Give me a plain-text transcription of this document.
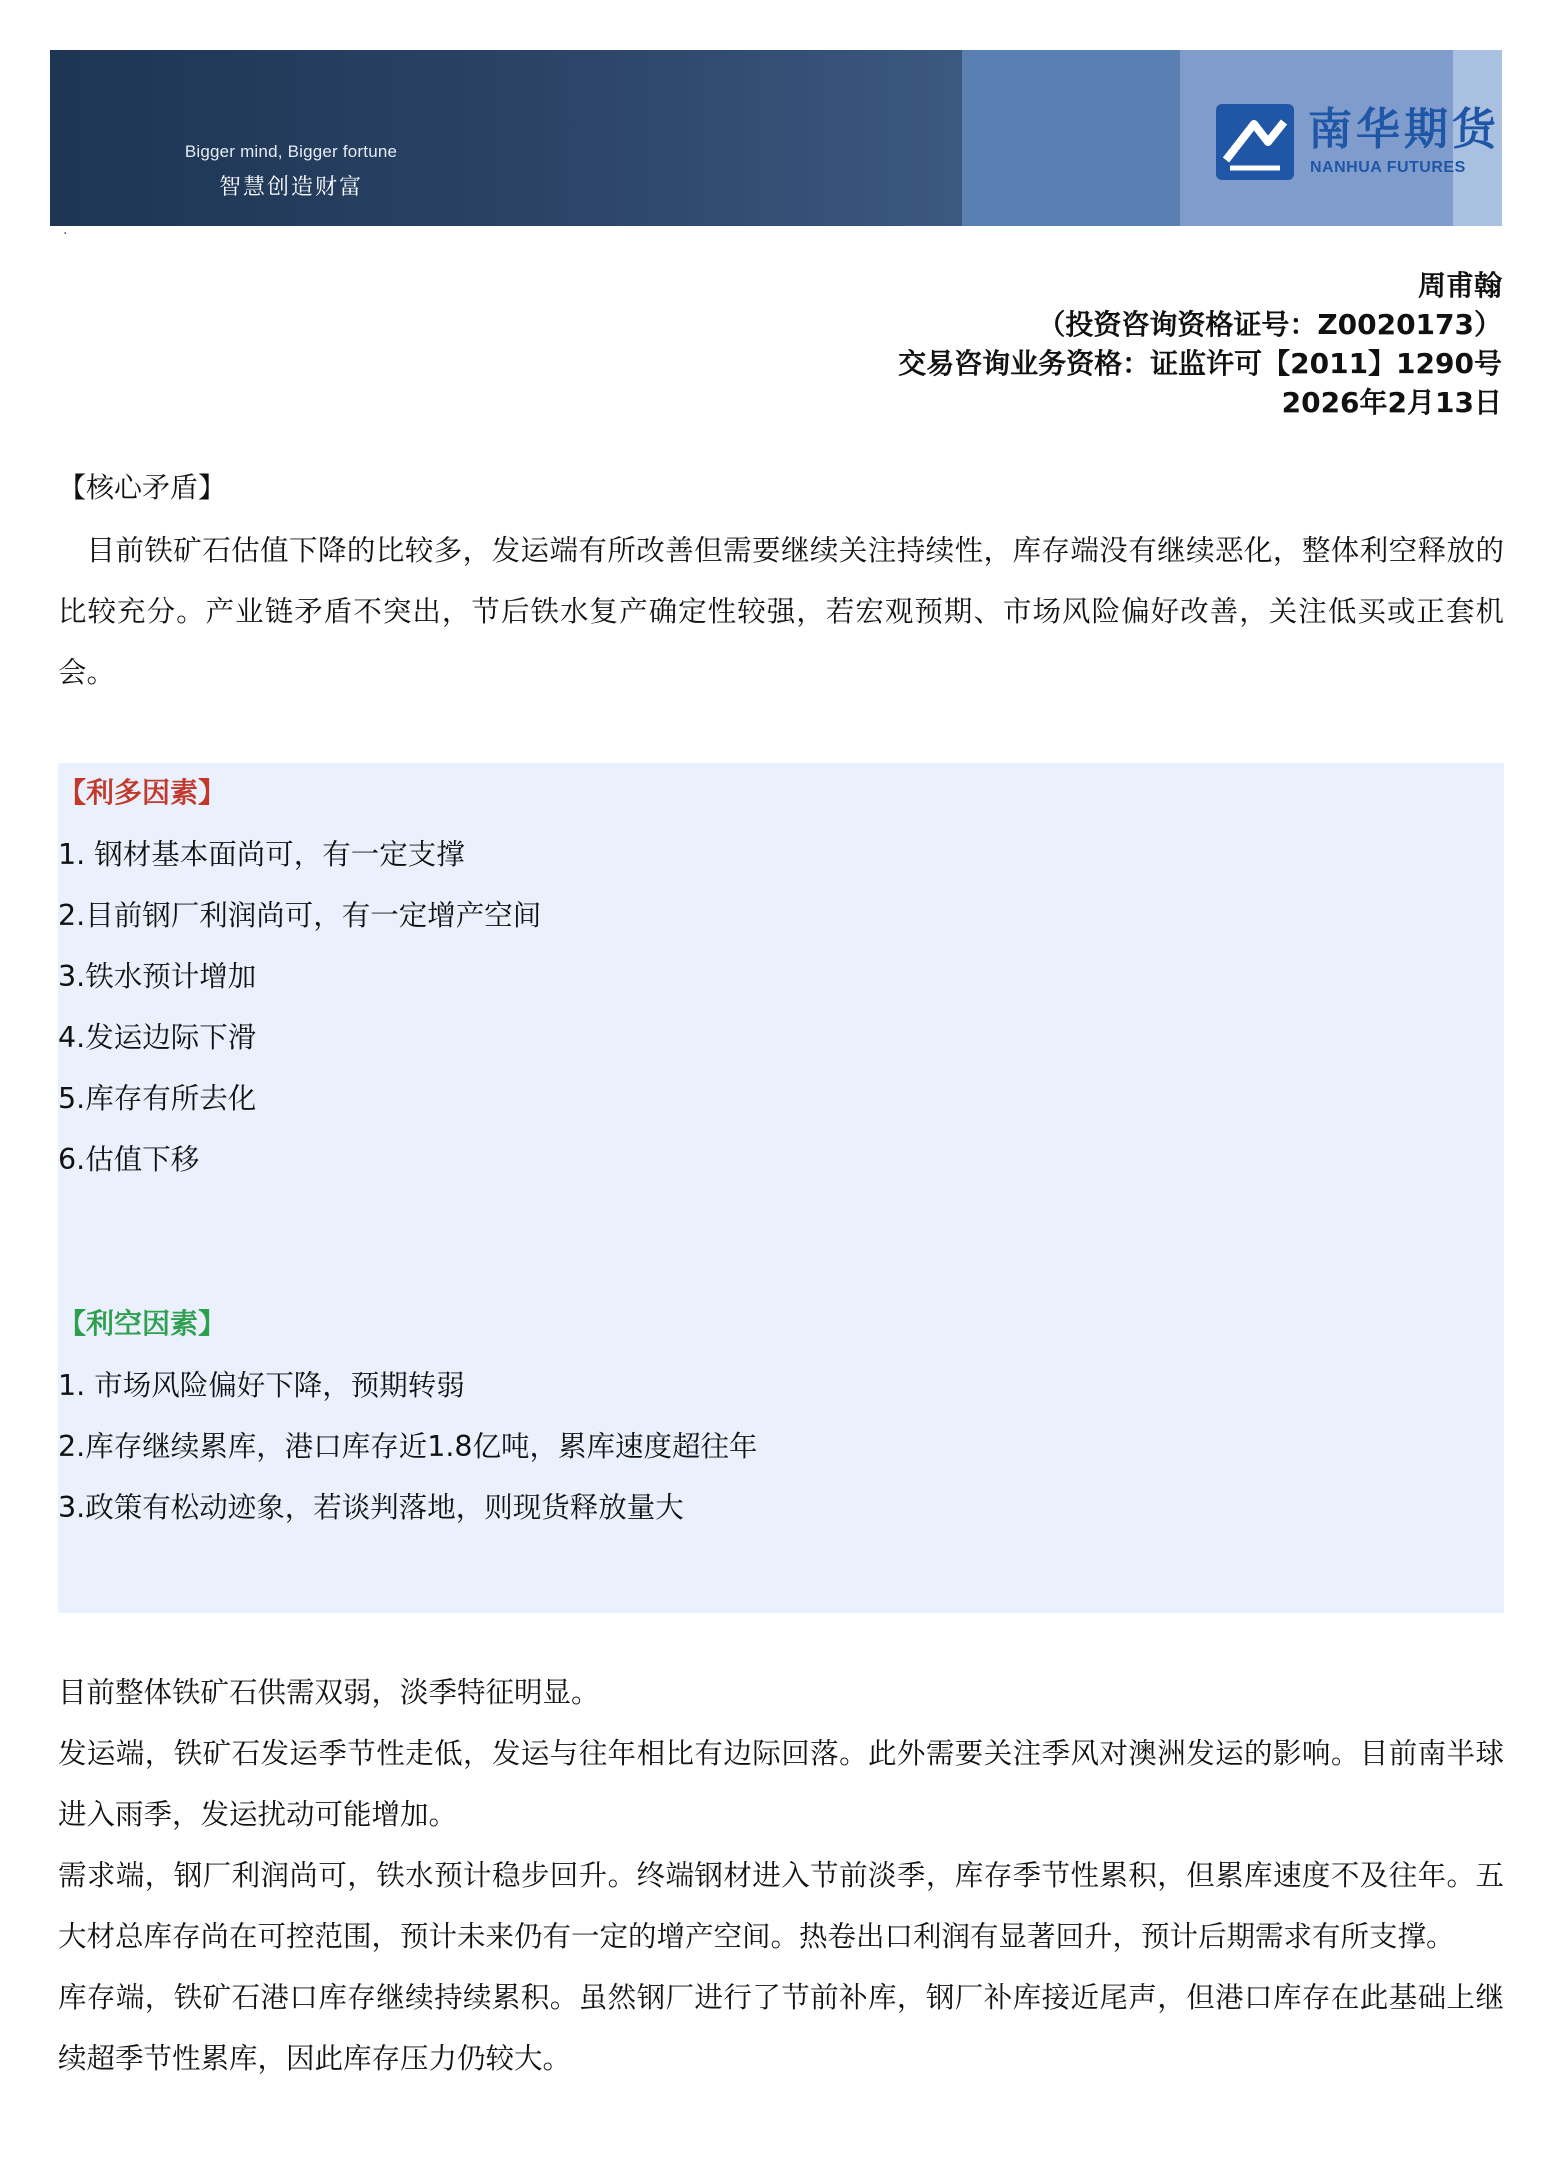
Bigger mind, Bigger fortune
智慧创造财富
南华期货
NANHUA FUTURES
·
周甫翰
（投资咨询资格证号：Z0020173）
交易咨询业务资格：证监许可【2011】1290号
2026年2月13日
【核心矛盾】
目前铁矿石估值下降的比较多，发运端有所改善但需要继续关注持续性，库存端没有继续恶化，整体利空释放的比较充分。产业链矛盾不突出，节后铁水复产确定性较强，若宏观预期、市场风险偏好改善，关注低买或正套机会。
【利多因素】
1. 钢材基本面尚可，有一定支撑
2.目前钢厂利润尚可，有一定增产空间
3.铁水预计增加
4.发运边际下滑
5.库存有所去化
6.估值下移
【利空因素】
1. 市场风险偏好下降，预期转弱
2.库存继续累库，港口库存近1.8亿吨，累库速度超往年
3.政策有松动迹象，若谈判落地，则现货释放量大
目前整体铁矿石供需双弱，淡季特征明显。
发运端，铁矿石发运季节性走低，发运与往年相比有边际回落。此外需要关注季风对澳洲发运的影响。目前南半球进入雨季，发运扰动可能增加。
需求端，钢厂利润尚可，铁水预计稳步回升。终端钢材进入节前淡季，库存季节性累积，但累库速度不及往年。五大材总库存尚在可控范围，预计未来仍有一定的增产空间。热卷出口利润有显著回升，预计后期需求有所支撑。
库存端，铁矿石港口库存继续持续累积。虽然钢厂进行了节前补库，钢厂补库接近尾声，但港口库存在此基础上继续超季节性累库，因此库存压力仍较大。
